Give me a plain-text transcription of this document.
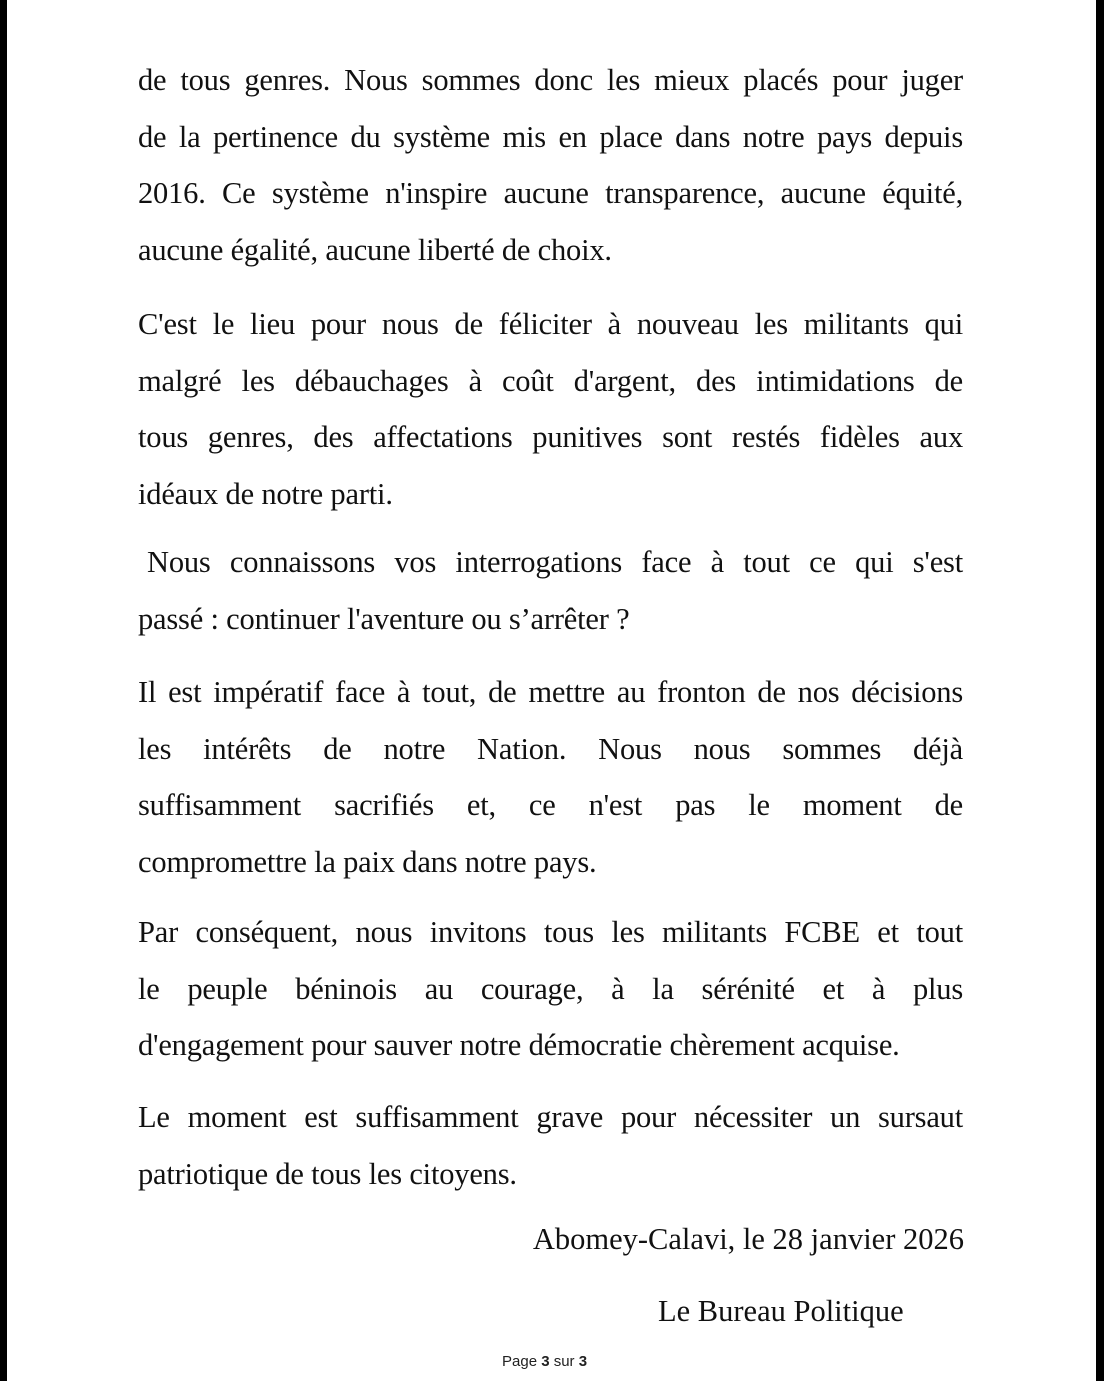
de tous genres. Nous sommes donc les mieux placés pour juger
de la pertinence du système mis en place dans notre pays depuis
2016. Ce système n'inspire aucune transparence, aucune équité,
aucune égalité, aucune liberté de choix.

C'est le lieu pour nous de féliciter à nouveau les militants qui
malgré les débauchages à coût d'argent, des intimidations de
tous genres, des affectations punitives sont restés fidèles aux
idéaux de notre parti.

Nous connaissons vos interrogations face à tout ce qui s'est
passé : continuer l'aventure ou s’arrêter ?

Il est impératif face à tout, de mettre au fronton de nos décisions
les intérêts de notre Nation. Nous nous sommes déjà
suffisamment sacrifiés et, ce n'est pas le moment de
compromettre la paix dans notre pays.

Par conséquent, nous invitons tous les militants FCBE et tout
le peuple béninois au courage, à la sérénité et à plus
d'engagement pour sauver notre démocratie chèrement acquise.

Le moment est suffisamment grave pour nécessiter un sursaut
patriotique de tous les citoyens.

Abomey-Calavi, le 28 janvier 2026
Le Bureau Politique
Page 3 sur 3
